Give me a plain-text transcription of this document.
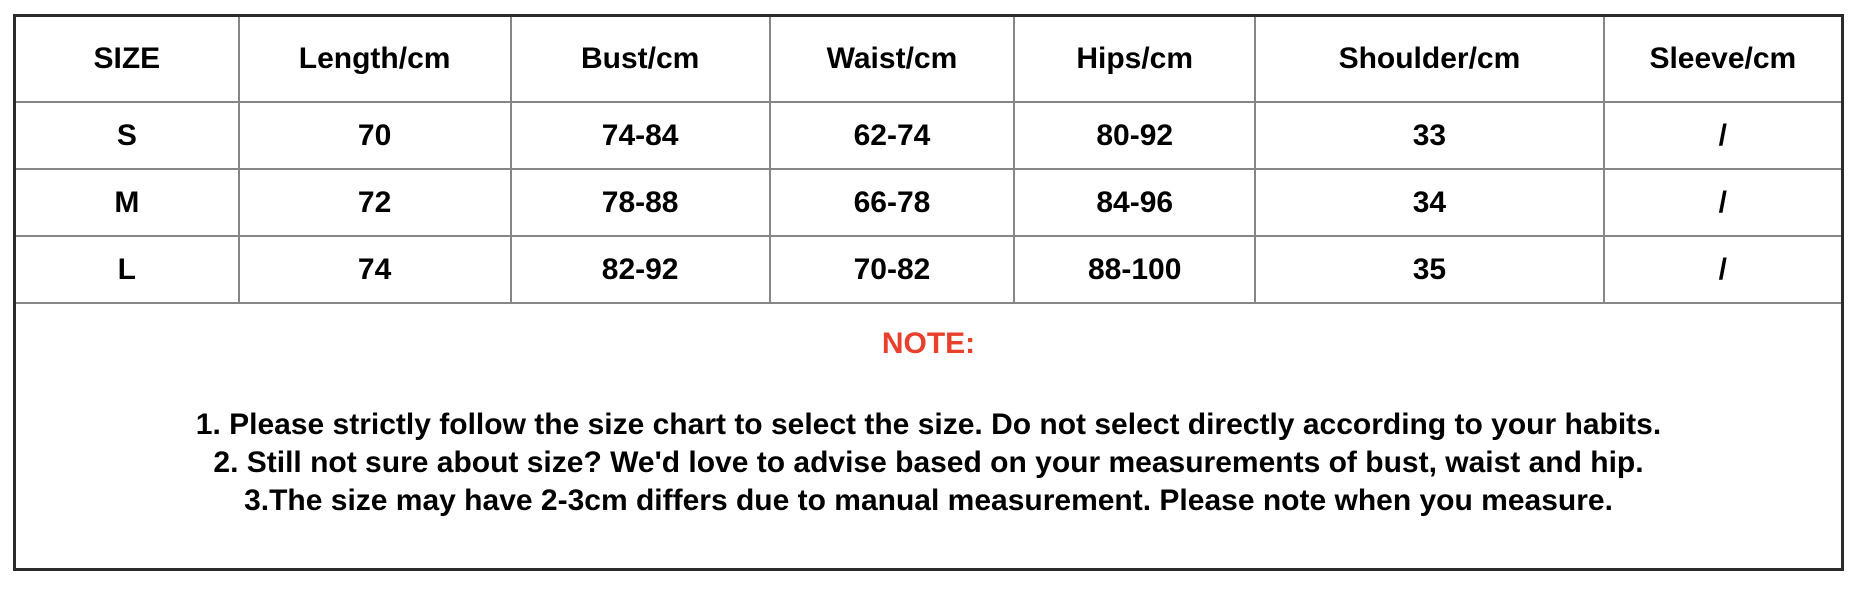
SIZE	Length/cm	Bust/cm	Waist/cm	Hips/cm	Shoulder/cm	Sleeve/cm
S	70	74-84	62-74	80-92	33	/
M	72	78-88	66-78	84-96	34	/
L	74	82-92	70-82	88-100	35	/

NOTE:
1. Please strictly follow the size chart to select the size. Do not select directly according to your habits.
2. Still not sure about size? We'd love to advise based on your measurements of bust, waist and hip.
3.The size may have 2-3cm differs due to manual measurement. Please note when you measure.						
